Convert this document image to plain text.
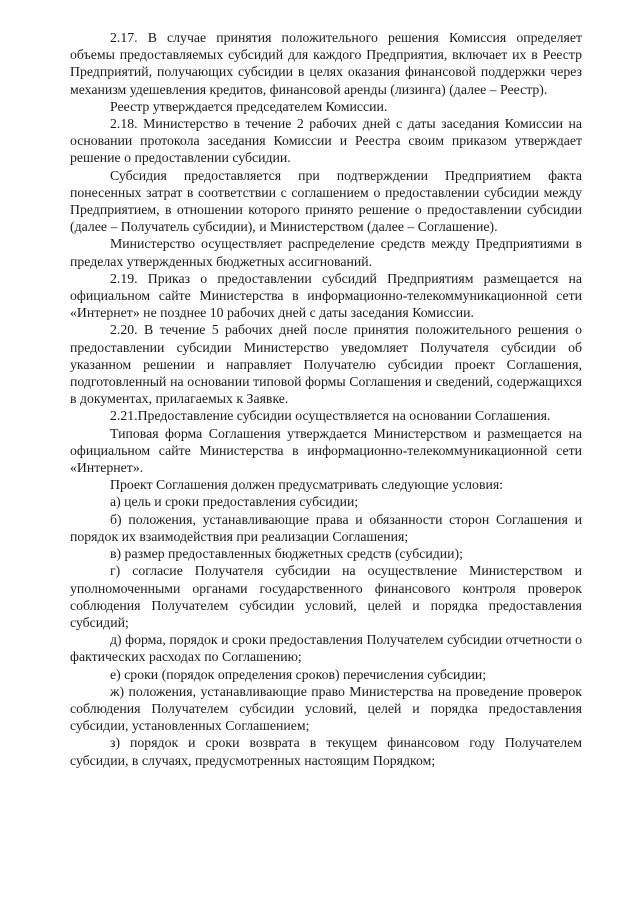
2.17. В случае принятия положительного решения Комиссия определяет объемы предоставляемых субсидий для каждого Предприятия, включает их в Реестр Предприятий, получающих субсидии в целях оказания финансовой поддержки через механизм удешевления кредитов, финансовой аренды (лизинга) (далее – Реестр).

Реестр утверждается председателем Комиссии.

2.18. Министерство в течение 2 рабочих дней с даты заседания Комиссии на основании протокола заседания Комиссии и Реестра своим приказом утверждает решение о предоставлении субсидии.

Субсидия предоставляется при подтверждении Предприятием факта понесенных затрат в соответствии с соглашением о предоставлении субсидии между Предприятием, в отношении которого принято решение о предоставлении субсидии (далее – Получатель субсидии), и Министерством (далее – Соглашение).

Министерство осуществляет распределение средств между Предприятиями в пределах утвержденных бюджетных ассигнований.

2.19. Приказ о предоставлении субсидий Предприятиям размещается на официальном сайте Министерства в информационно-телекоммуникационной сети «Интернет» не позднее 10 рабочих дней с даты заседания Комиссии.

2.20. В течение 5 рабочих дней после принятия положительного решения о предоставлении субсидии Министерство уведомляет Получателя субсидии об указанном решении и направляет Получателю субсидии проект Соглашения, подготовленный на основании типовой формы Соглашения и сведений, содержащихся в документах, прилагаемых к Заявке.

2.21.Предоставление субсидии осуществляется на основании Соглашения.

Типовая форма Соглашения утверждается Министерством и размещается на официальном сайте Министерства в информационно-телекоммуникационной сети «Интернет».

Проект Соглашения должен предусматривать следующие условия:

а) цель и сроки предоставления субсидии;

б) положения, устанавливающие права и обязанности сторон Соглашения и порядок их взаимодействия при реализации Соглашения;

в) размер предоставленных бюджетных средств (субсидии);

г) согласие Получателя субсидии на осуществление Министерством и уполномоченными органами государственного финансового контроля проверок соблюдения Получателем субсидии условий, целей и порядка предоставления субсидий;

д) форма, порядок и сроки предоставления Получателем субсидии отчетности о фактических расходах по Соглашению;

е) сроки (порядок определения сроков) перечисления субсидии;

ж) положения, устанавливающие право Министерства на проведение проверок соблюдения Получателем субсидии условий, целей и порядка предоставления субсидии, установленных Соглашением;

з) порядок и сроки возврата в текущем финансовом году Получателем субсидии, в случаях, предусмотренных настоящим Порядком;
